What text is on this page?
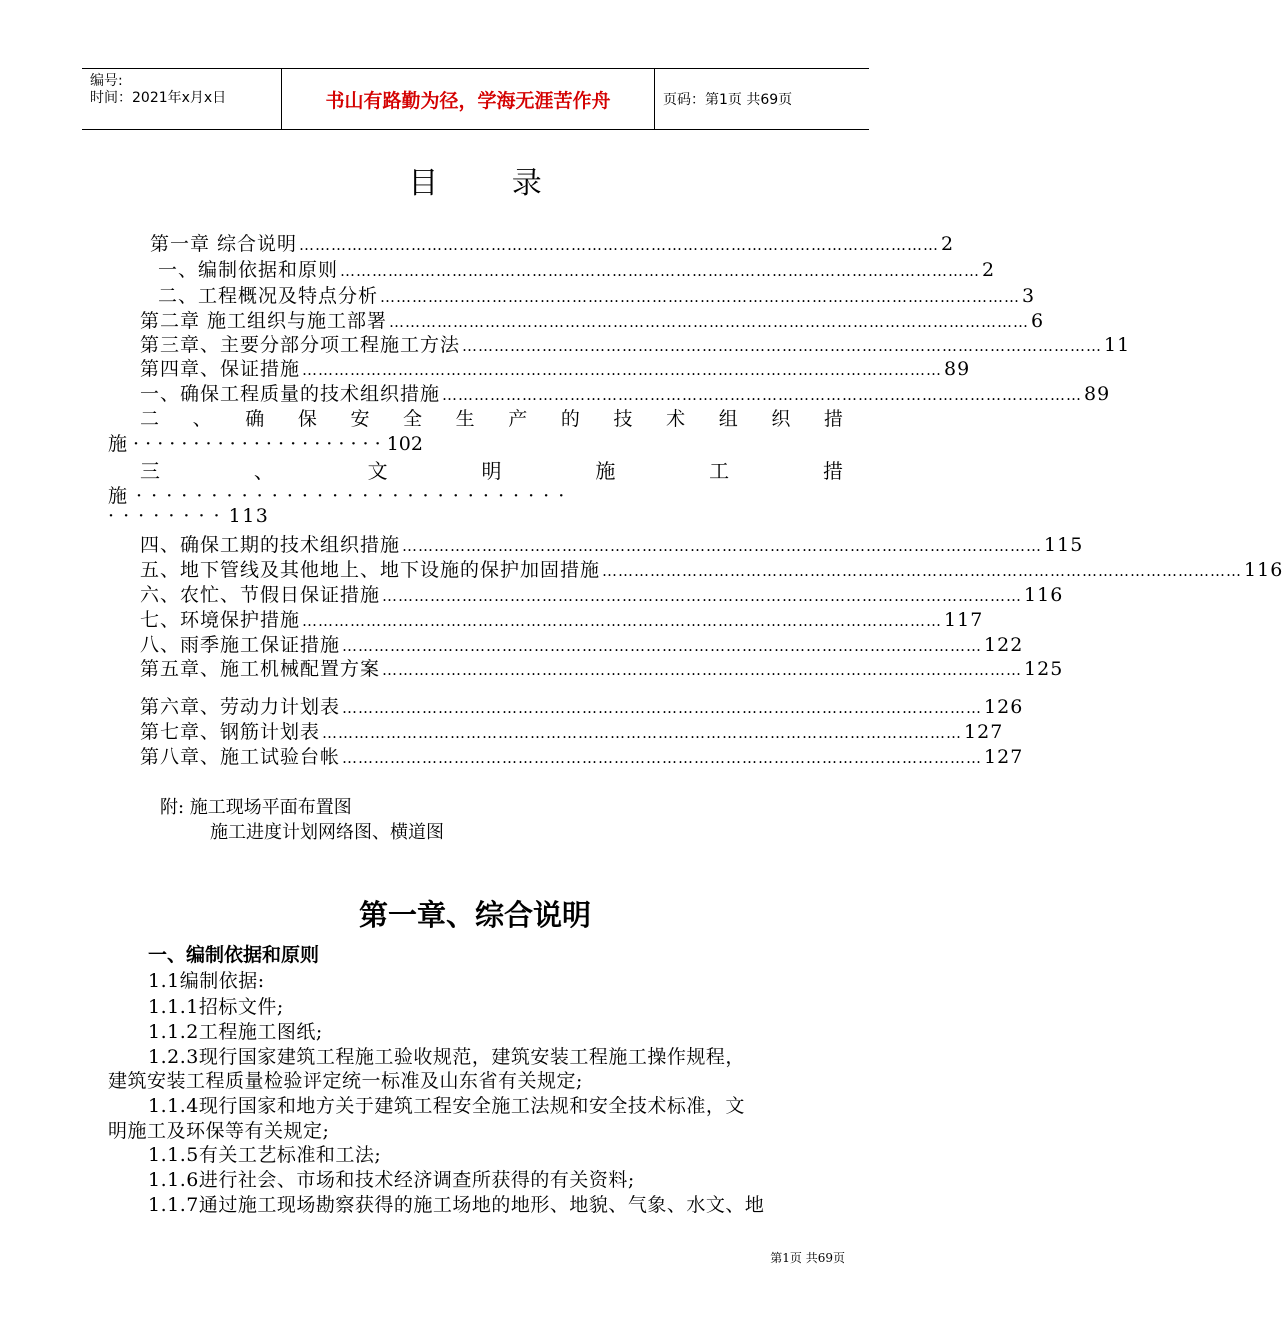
编号:
时间：2021年x月x日	书山有路勤为径，学海无涯苦作舟	页码：第1页 共69页
目 录
第一章 综合说明 ………………………………………………………………………………………………………… 2
一、编制依据和原则 ………………………………………………………………………………………………………… 2
二、工程概况及特点分析 ………………………………………………………………………………………………………… 3
第二章 施工组织与施工部署 ………………………………………………………………………………………………………… 6
第三章、主要分部分项工程施工方法 ………………………………………………………………………………………………………… 11
第四章、保证措施 ………………………………………………………………………………………………………… 89
一、确保工程质量的技术组织措施 ………………………………………………………………………………………………………… 89
二 、 确 保 安 全 生 产 的 技 术 组 织 措
施 · · · · · · · · · · · · · · · · · · · · · 102
三	、	文	明	施	工	措
施 · · · · · · · · · · · · · · · · · · · · · · · · · · · · ·
· · · · · · · · 113
四、确保工期的技术组织措施 ………………………………………………………………………………………………………… 115
五、地下管线及其他地上、地下设施的保护加固措施 ………………………………………………………………………………………………………… 116
六、农忙、节假日保证措施 ………………………………………………………………………………………………………… 116
七、环境保护措施 ………………………………………………………………………………………………………… 117
八、雨季施工保证措施 ………………………………………………………………………………………………………… 122
第五章、施工机械配置方案 ………………………………………………………………………………………………………… 125
第六章、劳动力计划表 ………………………………………………………………………………………………………… 126
第七章、钢筋计划表 ………………………………………………………………………………………………………… 127
第八章、施工试验台帐 ………………………………………………………………………………………………………… 127
附: 施工现场平面布置图
施工进度计划网络图、横道图
第一章、综合说明
一、编制依据和原则
1.1编制依据:
1.1.1招标文件;
1.1.2工程施工图纸;
1.2.3现行国家建筑工程施工验收规范，建筑安装工程施工操作规程，
建筑安装工程质量检验评定统一标准及山东省有关规定;
1.1.4现行国家和地方关于建筑工程安全施工法规和安全技术标准，文
明施工及环保等有关规定;
1.1.5有关工艺标准和工法;
1.1.6进行社会、市场和技术经济调查所获得的有关资料;
1.1.7通过施工现场勘察获得的施工场地的地形、地貌、气象、水文、地
第1页 共69页
